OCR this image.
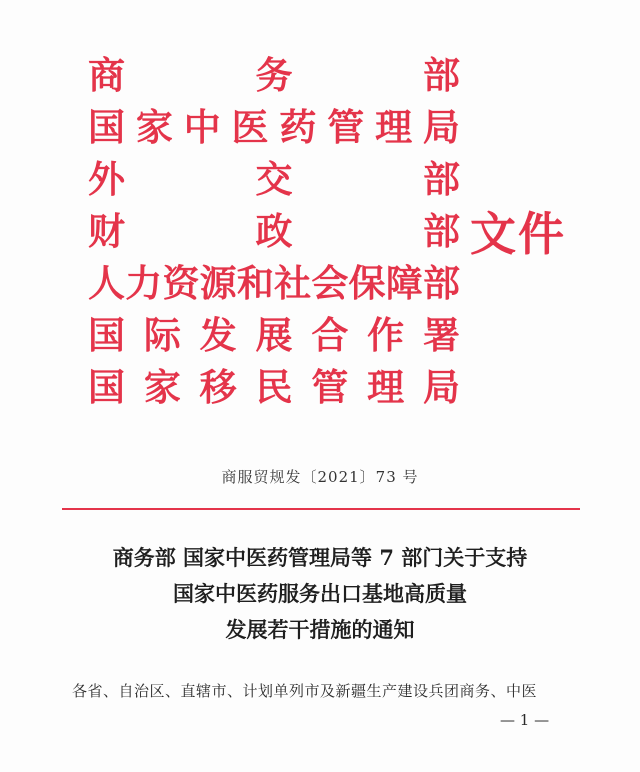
商	务	部
国 家 中 医 药 管 理 局
外	交	部
财	政	部
人 力 资 源 和 社 会 保 障 部
国 际 发 展 合 作 署
国 家 移 民 管 理 局
文件
商服贸规发〔2021〕73 号
商务部 国家中医药管理局等 7 部门关于支持
国家中医药服务出口基地高质量
发展若干措施的通知
各省、自治区、直辖市、计划单列市及新疆生产建设兵团商务、中医
— 1 —
